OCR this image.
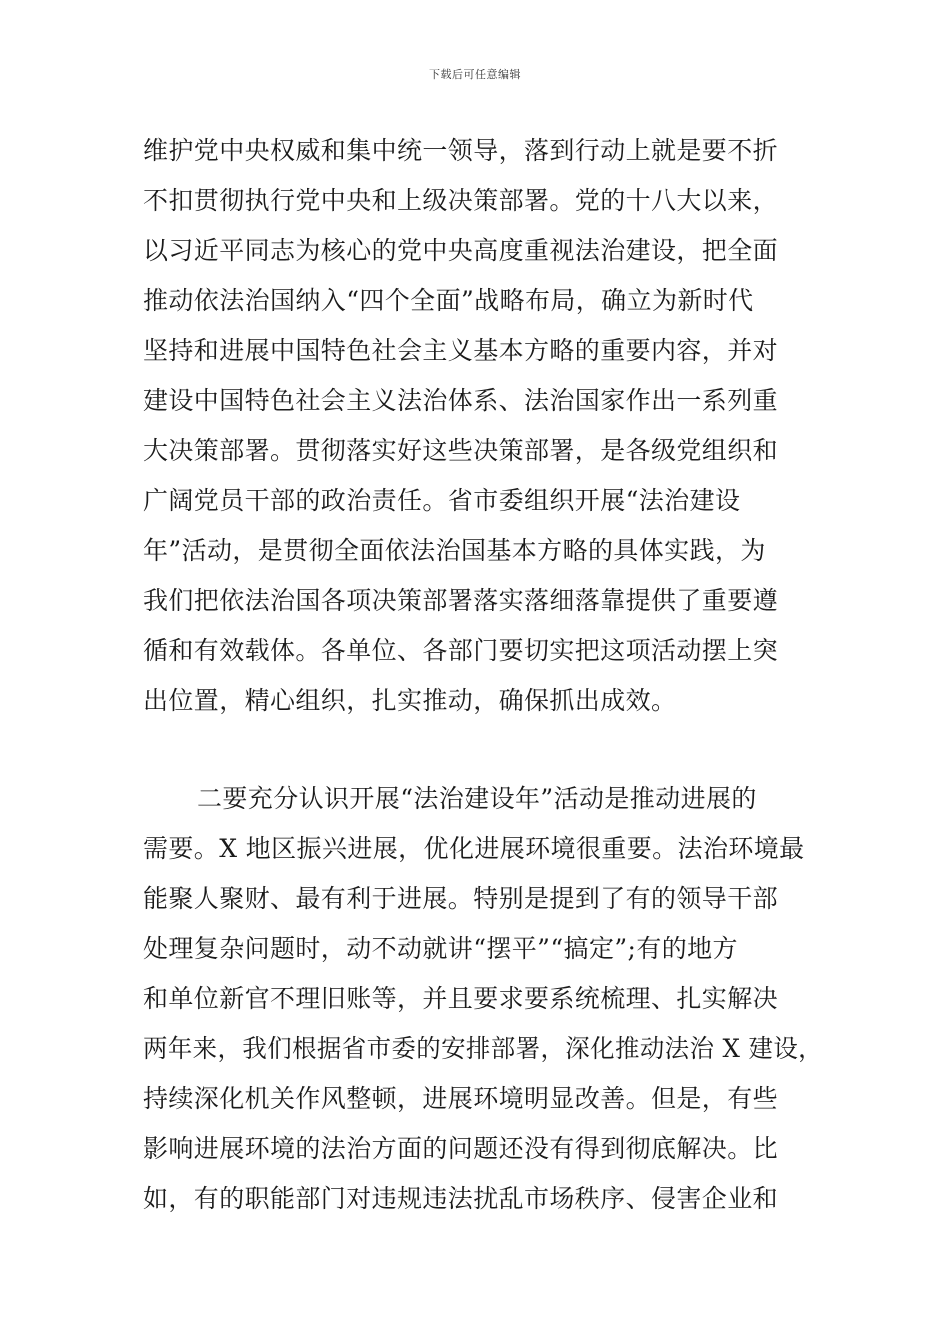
下载后可任意编辑
维护党中央权威和集中统一领导，落到行动上就是要不折
不扣贯彻执行党中央和上级决策部署。党的十八大以来，
以习近平同志为核心的党中央高度重视法治建设，把全面
推动依法治国纳入“四个全面”战略布局，确立为新时代
坚持和进展中国特色社会主义基本方略的重要内容，并对
建设中国特色社会主义法治体系、法治国家作出一系列重
大决策部署。贯彻落实好这些决策部署，是各级党组织和
广阔党员干部的政治责任。省市委组织开展“法治建设
年”活动，是贯彻全面依法治国基本方略的具体实践，为
我们把依法治国各项决策部署落实落细落靠提供了重要遵
循和有效载体。各单位、各部门要切实把这项活动摆上突
出位置，精心组织，扎实推动，确保抓出成效。
二要充分认识开展“法治建设年”活动是推动进展的
需要。X 地区振兴进展，优化进展环境很重要。法治环境最
能聚人聚财、最有利于进展。特别是提到了有的领导干部
处理复杂问题时，动不动就讲“摆平”“搞定”;有的地方
和单位新官不理旧账等，并且要求要系统梳理、扎实解决
两年来，我们根据省市委的安排部署，深化推动法治 X 建设，
持续深化机关作风整顿，进展环境明显改善。但是，有些
影响进展环境的法治方面的问题还没有得到彻底解决。比
如，有的职能部门对违规违法扰乱市场秩序、侵害企业和
